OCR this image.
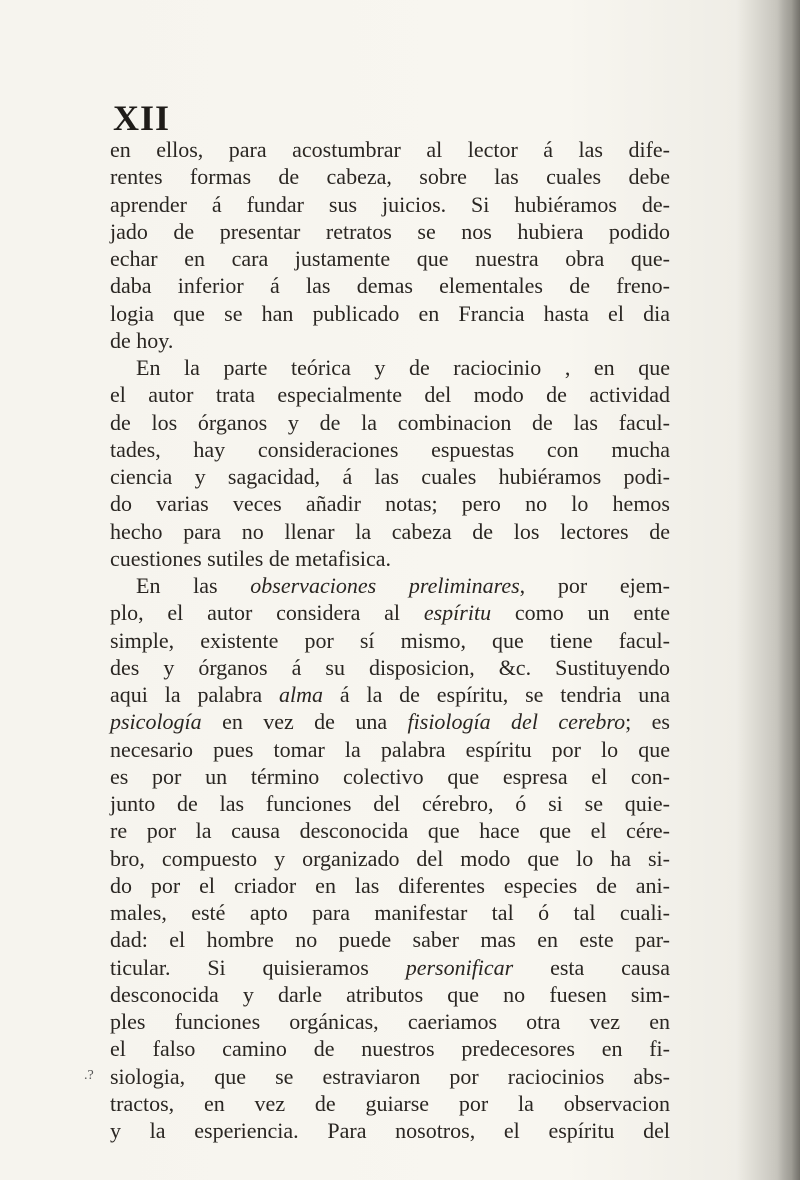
XII
en ellos, para acostumbrar al lector á las dife-
rentes formas de cabeza, sobre las cuales debe
aprender á fundar sus juicios. Si hubiéramos de-
jado de presentar retratos se nos hubiera podido
echar en cara justamente que nuestra obra que-
daba inferior á las demas elementales de freno-
logia que se han publicado en Francia hasta el dia
de hoy.
En la parte teórica y de raciocinio , en que
el autor trata especialmente del modo de actividad
de los órganos y de la combinacion de las facul-
tades, hay consideraciones espuestas con mucha
ciencia y sagacidad, á las cuales hubiéramos podi-
do varias veces añadir notas; pero no lo hemos
hecho para no llenar la cabeza de los lectores de
cuestiones sutiles de metafisica.
En las observaciones preliminares, por ejem-
plo, el autor considera al espíritu como un ente
simple, existente por sí mismo, que tiene facul-
des y órganos á su disposicion, &c. Sustituyendo
aqui la palabra alma á la de espíritu, se tendria una
psicología en vez de una fisiología del cerebro; es
necesario pues tomar la palabra espíritu por lo que
es por un término colectivo que espresa el con-
junto de las funciones del cérebro, ó si se quie-
re por la causa desconocida que hace que el cére-
bro, compuesto y organizado del modo que lo ha si-
do por el criador en las diferentes especies de ani-
males, esté apto para manifestar tal ó tal cuali-
dad: el hombre no puede saber mas en este par-
ticular. Si quisieramos personificar esta causa
desconocida y darle atributos que no fuesen sim-
ples funciones orgánicas, caeriamos otra vez en
el falso camino de nuestros predecesores en fi-
siologia, que se estraviaron por raciocinios abs-
tractos, en vez de guiarse por la observacion
y la esperiencia. Para nosotros, el espíritu del
.?
